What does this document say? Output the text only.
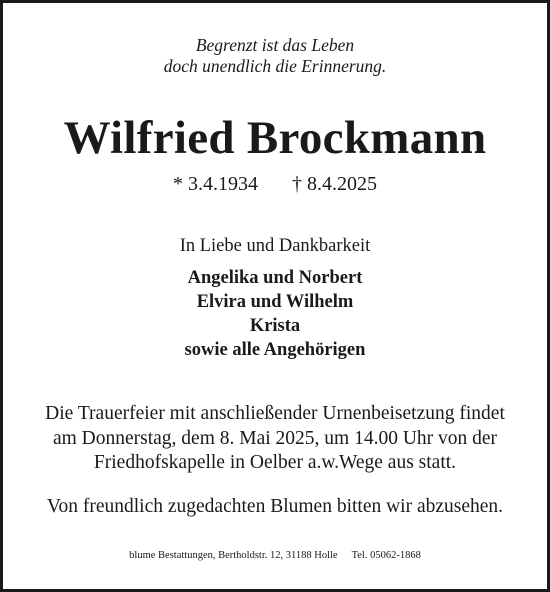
Begrenzt ist das Leben
doch unendlich die Erinnerung.
Wilfried Brockmann
* 3.4.1934 † 8.4.2025
In Liebe und Dankbarkeit
Angelika und Norbert
Elvira und Wilhelm
Krista
sowie alle Angehörigen
Die Trauerfeier mit anschließender Urnenbeisetzung findet
am Donnerstag, dem 8. Mai 2025, um 14.00 Uhr von der
Friedhofskapelle in Oelber a.w.Wege aus statt.
Von freundlich zugedachten Blumen bitten wir abzusehen.
blume Bestattungen, Bertholdstr. 12, 31188 Holle Tel. 05062-1868
